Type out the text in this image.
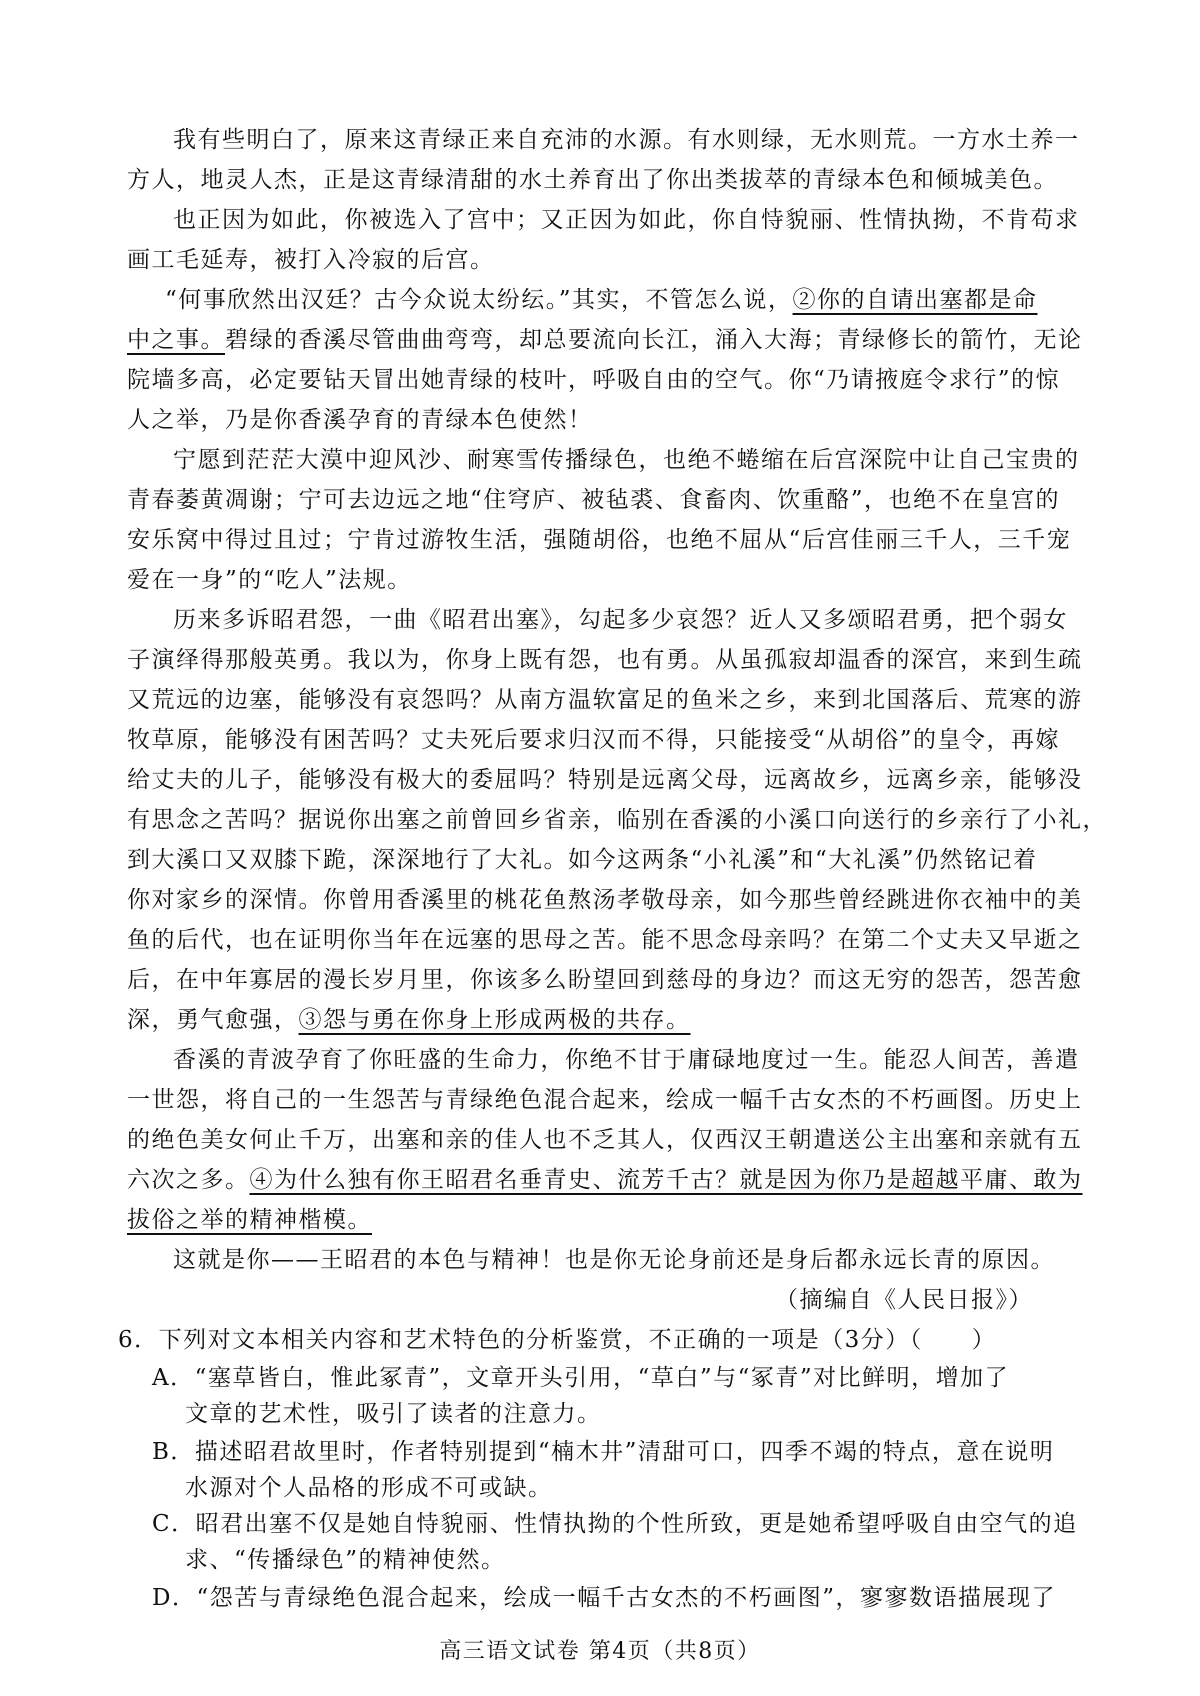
我有些明白了，原来这青绿正来自充沛的水源。有水则绿，无水则荒。一方水土养一
方人，地灵人杰，正是这青绿清甜的水土养育出了你出类拔萃的青绿本色和倾城美色。
也正因为如此，你被选入了宫中；又正因为如此，你自恃貌丽、性情执拗，不肯苟求
画工毛延寿，被打入冷寂的后宫。
“何事欣然出汉廷？古今众说太纷纭。”其实，不管怎么说，②你的自请出塞都是命
中之事。碧绿的香溪尽管曲曲弯弯，却总要流向长江，涌入大海；青绿修长的箭竹，无论
院墙多高，必定要钻天冒出她青绿的枝叶，呼吸自由的空气。你“乃请掖庭令求行”的惊
人之举，乃是你香溪孕育的青绿本色使然！
宁愿到茫茫大漠中迎风沙、耐寒雪传播绿色，也绝不蜷缩在后宫深院中让自己宝贵的
青春萎黄凋谢；宁可去边远之地“住穹庐、被毡裘、食畜肉、饮重酪”，也绝不在皇宫的
安乐窝中得过且过；宁肯过游牧生活，强随胡俗，也绝不屈从“后宫佳丽三千人，三千宠
爱在一身”的“吃人”法规。
历来多诉昭君怨，一曲《昭君出塞》，勾起多少哀怨？近人又多颂昭君勇，把个弱女
子演绎得那般英勇。我以为，你身上既有怨，也有勇。从虽孤寂却温香的深宫，来到生疏
又荒远的边塞，能够没有哀怨吗？从南方温软富足的鱼米之乡，来到北国落后、荒寒的游
牧草原，能够没有困苦吗？丈夫死后要求归汉而不得，只能接受“从胡俗”的皇令，再嫁
给丈夫的儿子，能够没有极大的委屈吗？特别是远离父母，远离故乡，远离乡亲，能够没
有思念之苦吗？据说你出塞之前曾回乡省亲，临别在香溪的小溪口向送行的乡亲行了小礼，
到大溪口又双膝下跪，深深地行了大礼。如今这两条“小礼溪”和“大礼溪”仍然铭记着
你对家乡的深情。你曾用香溪里的桃花鱼熬汤孝敬母亲，如今那些曾经跳进你衣袖中的美
鱼的后代，也在证明你当年在远塞的思母之苦。能不思念母亲吗？在第二个丈夫又早逝之
后，在中年寡居的漫长岁月里，你该多么盼望回到慈母的身边？而这无穷的怨苦，怨苦愈
深，勇气愈强，③怨与勇在你身上形成两极的共存。
香溪的青波孕育了你旺盛的生命力，你绝不甘于庸碌地度过一生。能忍人间苦，善遣
一世怨，将自己的一生怨苦与青绿绝色混合起来，绘成一幅千古女杰的不朽画图。历史上
的绝色美女何止千万，出塞和亲的佳人也不乏其人，仅西汉王朝遣送公主出塞和亲就有五
六次之多。④为什么独有你王昭君名垂青史、流芳千古？就是因为你乃是超越平庸、敢为
拔俗之举的精神楷模。
这就是你——王昭君的本色与精神！也是你无论身前还是身后都永远长青的原因。
（摘编自《人民日报》）
6．下列对文本相关内容和艺术特色的分析鉴赏，不正确的一项是（3分）（　　）
A．“塞草皆白，惟此冢青”，文章开头引用，“草白”与“冢青”对比鲜明，增加了
文章的艺术性，吸引了读者的注意力。
B．描述昭君故里时，作者特别提到“楠木井”清甜可口，四季不竭的特点，意在说明
水源对个人品格的形成不可或缺。
C．昭君出塞不仅是她自恃貌丽、性情执拗的个性所致，更是她希望呼吸自由空气的追
求、“传播绿色”的精神使然。
高三语文试卷 第4页（共8页）
D．“怨苦与青绿绝色混合起来，绘成一幅千古女杰的不朽画图”，寥寥数语描展现了
